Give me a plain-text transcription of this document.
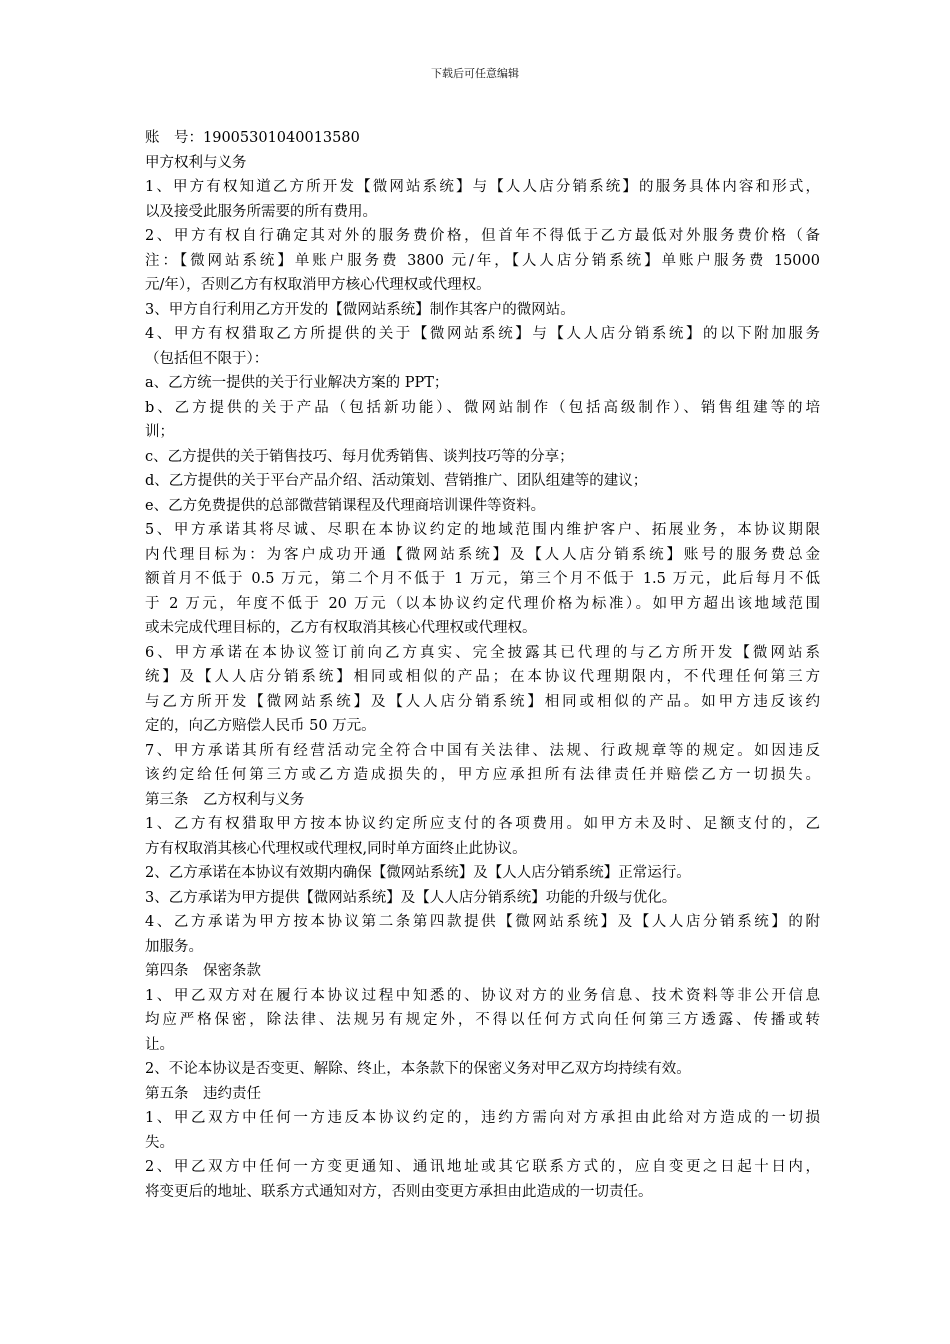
下载后可任意编辑
账　号：19005301040013580
甲方权利与义务
1、甲方有权知道乙方所开发【微网站系统】与【人人店分销系统】的服务具体内容和形式，
以及接受此服务所需要的所有费用。
2、甲方有权自行确定其对外的服务费价格，但首年不得低于乙方最低对外服务费价格（备
注：【微网站系统】单账户服务费 3800 元/年，【人人店分销系统】单账户服务费 15000
元/年），否则乙方有权取消甲方核心代理权或代理权。
3、甲方自行利用乙方开发的【微网站系统】制作其客户的微网站。
4、甲方有权猎取乙方所提供的关于【微网站系统】与【人人店分销系统】的以下附加服务
（包括但不限于）：
a、乙方统一提供的关于行业解决方案的 PPT；
b、乙方提供的关于产品（包括新功能）、微网站制作（包括高级制作）、销售组建等的培
训；
c、乙方提供的关于销售技巧、每月优秀销售、谈判技巧等的分享；
d、乙方提供的关于平台产品介绍、活动策划、营销推广、团队组建等的建议；
e、乙方免费提供的总部微营销课程及代理商培训课件等资料。
5、甲方承诺其将尽诚、尽职在本协议约定的地域范围内维护客户、拓展业务，本协议期限
内代理目标为：为客户成功开通【微网站系统】及【人人店分销系统】账号的服务费总金
额首月不低于 0.5 万元，第二个月不低于 1 万元，第三个月不低于 1.5 万元，此后每月不低
于 2 万元，年度不低于 20 万元（以本协议约定代理价格为标准）。如甲方超出该地域范围
或未完成代理目标的，乙方有权取消其核心代理权或代理权。
6、甲方承诺在本协议签订前向乙方真实、完全披露其已代理的与乙方所开发【微网站系
统】及【人人店分销系统】相同或相似的产品；在本协议代理期限内，不代理任何第三方
与乙方所开发【微网站系统】及【人人店分销系统】相同或相似的产品。如甲方违反该约
定的，向乙方赔偿人民币 50 万元。
7、甲方承诺其所有经营活动完全符合中国有关法律、法规、行政规章等的规定。如因违反
该约定给任何第三方或乙方造成损失的，甲方应承担所有法律责任并赔偿乙方一切损失。
第三条　乙方权利与义务
1、乙方有权猎取甲方按本协议约定所应支付的各项费用。如甲方未及时、足额支付的，乙
方有权取消其核心代理权或代理权,同时单方面终止此协议。
2、乙方承诺在本协议有效期内确保【微网站系统】及【人人店分销系统】正常运行。
3、乙方承诺为甲方提供【微网站系统】及【人人店分销系统】功能的升级与优化。
4、乙方承诺为甲方按本协议第二条第四款提供【微网站系统】及【人人店分销系统】的附
加服务。
第四条　保密条款
1、甲乙双方对在履行本协议过程中知悉的、协议对方的业务信息、技术资料等非公开信息
均应严格保密，除法律、法规另有规定外，不得以任何方式向任何第三方透露、传播或转
让。
2、不论本协议是否变更、解除、终止，本条款下的保密义务对甲乙双方均持续有效。
第五条　违约责任
1、甲乙双方中任何一方违反本协议约定的，违约方需向对方承担由此给对方造成的一切损
失。
2、甲乙双方中任何一方变更通知、通讯地址或其它联系方式的，应自变更之日起十日内，
将变更后的地址、联系方式通知对方，否则由变更方承担由此造成的一切责任。
